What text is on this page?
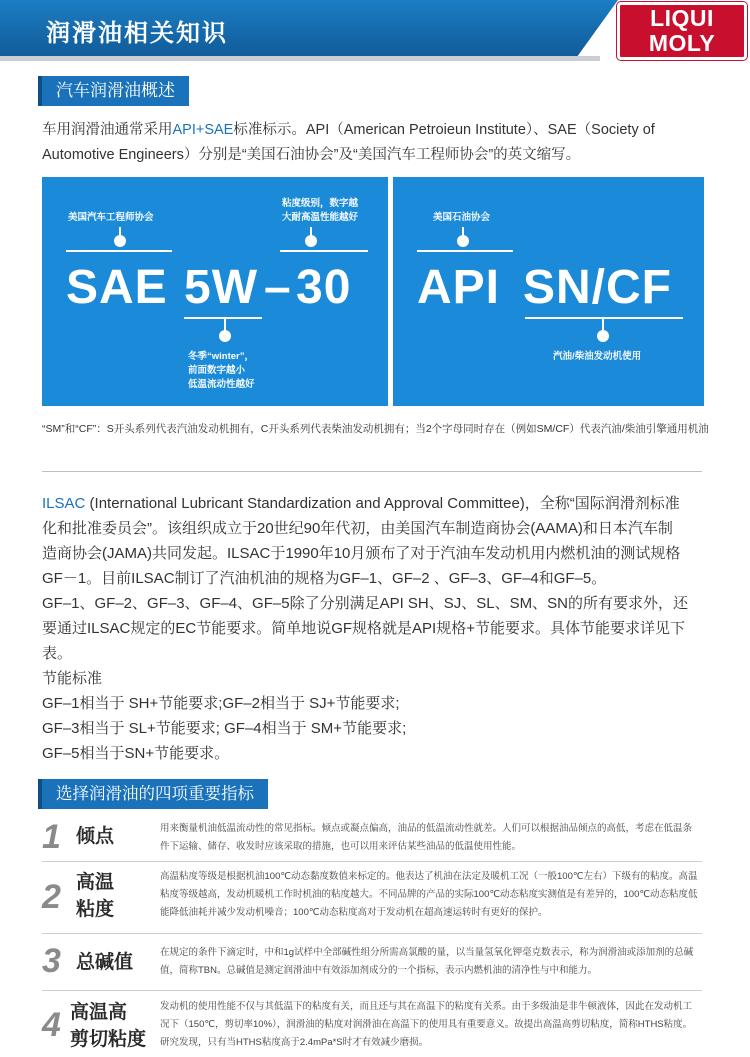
润滑油相关知识
LIQUI
MOLY
汽车润滑油概述
车用润滑油通常采用API+SAE标准标示。API（American Petroieun Institute）、SAE（Society of Automotive Engineers）分别是“美国石油协会”及“美国汽车工程师协会”的英文缩写。
美国汽车工程师协会
粘度级别，数字越
大耐高温性能越好
SAE 5W – 30
冬季“winter”，
前面数字越小
低温流动性越好
美国石油协会
API SN/CF
汽油/柴油发动机使用
“SM”和“CF”：S开头系列代表汽油发动机拥有，C开头系列代表柴油发动机拥有；当2个字母同时存在（例如SM/CF）代表汽油/柴油引擎通用机油
ILSAC (International Lubricant Standardization and Approval Committee)，全称“国际润滑剂标准
化和批准委员会”。该组织成立于20世纪90年代初，由美国汽车制造商协会(AAMA)和日本汽车制
造商协会(JAMA)共同发起。ILSAC于1990年10月颁布了对于汽油车发动机用内燃机油的测试规格
GF－1。目前ILSAC制订了汽油机油的规格为GF–1、GF–2 、GF–3、GF–4和GF–5。
GF–1、GF–2、GF–3、GF–4、GF–5除了分别满足API SH、SJ、SL、SM、SN的所有要求外，还
要通过ILSAC规定的EC节能要求。简单地说GF规格就是API规格+节能要求。具体节能要求详见下
表。
节能标准
GF–1相当于 SH+节能要求;GF–2相当于 SJ+节能要求;
GF–3相当于 SL+节能要求; GF–4相当于 SM+节能要求;
GF–5相当于SN+节能要求。
选择润滑油的四项重要指标
1 倾点	用来衡量机油低温流动性的常见指标。倾点或凝点偏高，油品的低温流动性就差。人们可以根据油品倾点的高低，考虑在低温条件下运输、储存、收发时应该采取的措施，也可以用来评估某些油品的低温使用性能。
2 高温
粘度
高温粘度等级是根据机油100℃动态黏度数值来标定的。他表达了机油在法定及暖机工况（一般100℃左右）下级有的粘度。高温粘度等级越高，发动机暖机工作时机油的粘度越大。不同品牌的产品的实际100℃动态粘度实测值是有差异的，100℃动态粘度低能降低油耗并减少发动机噪音；100℃动态粘度高对于发动机在超高速运转时有更好的保护。
3 总碱值	在规定的条件下滴定时，中和1g试样中全部碱性组分所需高氯酸的量，以当量氢氧化钾毫克数表示，称为润滑油或添加剂的总碱值，简称TBN。总碱值是测定润滑油中有效添加剂成分的一个指标，表示内燃机油的清净性与中和能力。
4 高温高
剪切粘度
发动机的使用性能不仅与其低温下的粘度有关，而且还与其在高温下的粘度有关系。由于多级油是非牛顿液体，因此在发动机工况下（150℃，剪切率10%），润滑油的粘度对润滑油在高温下的使用具有重要意义。故提出高温高剪切粘度，简称HTHS粘度。研究发现，只有当HTHS粘度高于2.4mPa*S时才有效减少磨损。
